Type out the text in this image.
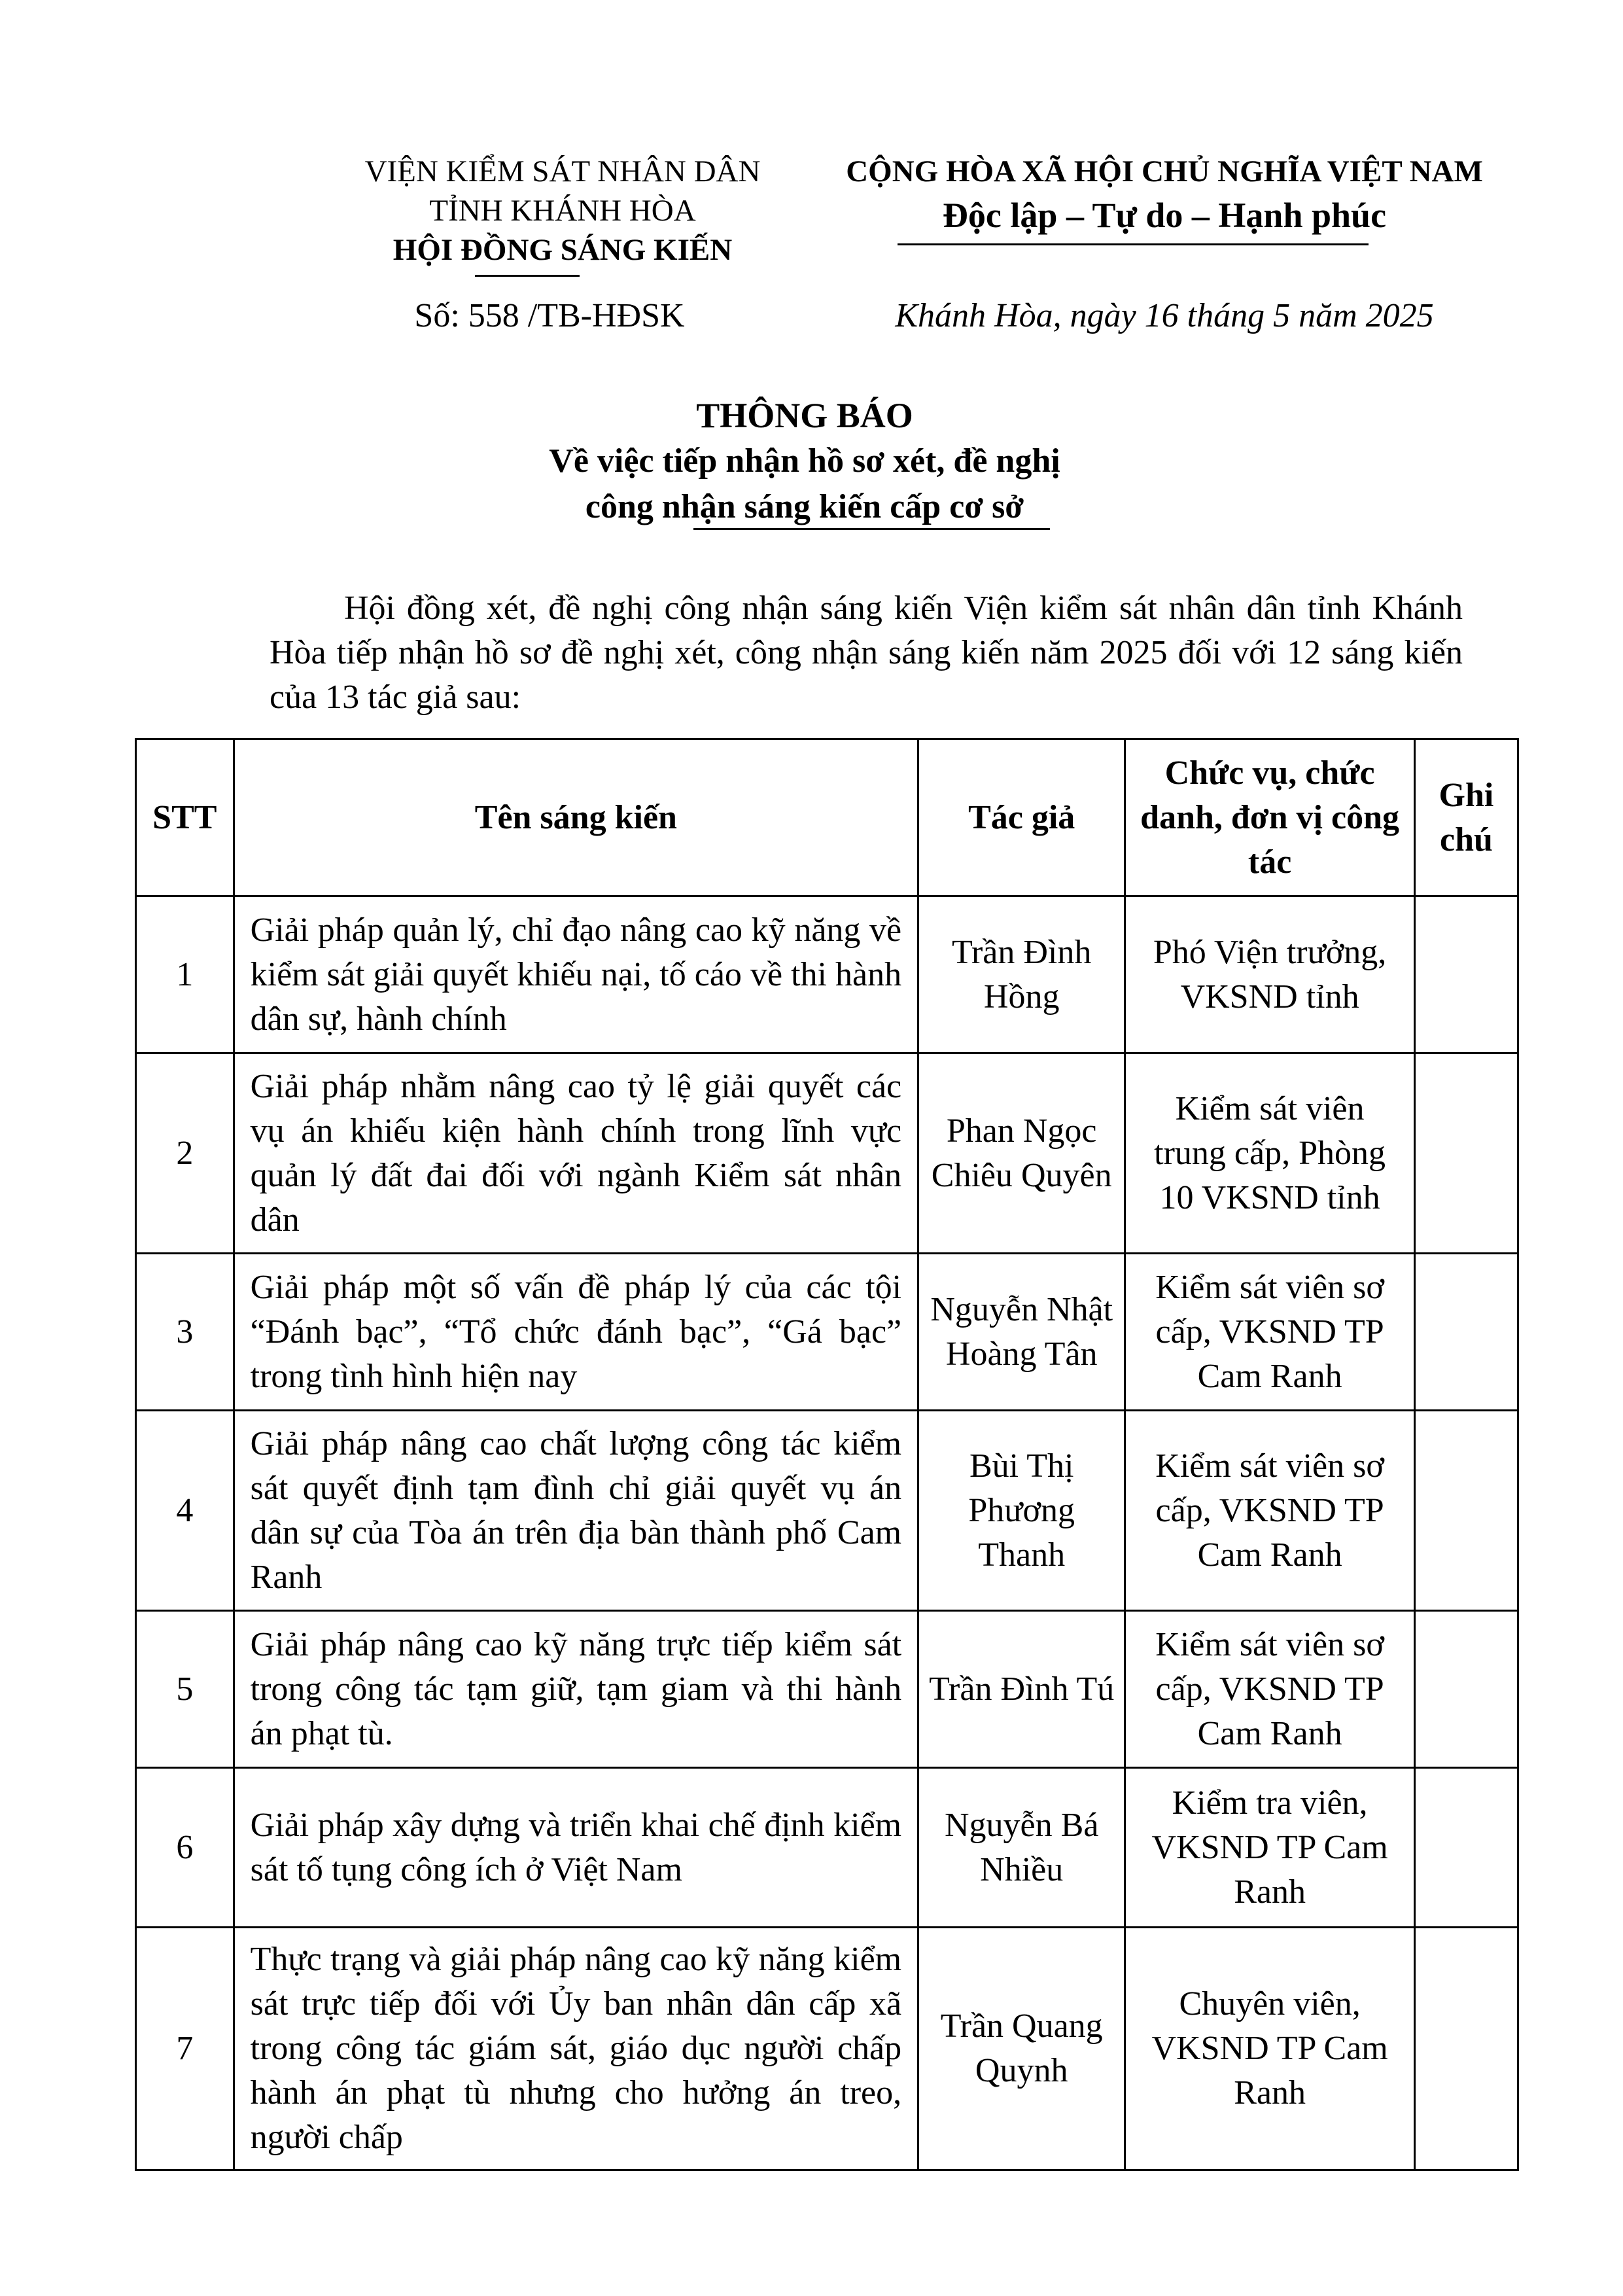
VIỆN KIỂM SÁT NHÂN DÂN
TỈNH KHÁNH HÒA
HỘI ĐỒNG SÁNG KIẾN
CỘNG HÒA XÃ HỘI CHỦ NGHĨA VIỆT NAM
Độc lập – Tự do – Hạnh phúc
Số: 558 /TB-HĐSK	Khánh Hòa, ngày 16 tháng 5 năm 2025
THÔNG BÁO
Về việc tiếp nhận hồ sơ xét, đề nghị
công nhận sáng kiến cấp cơ sở
Hội đồng xét, đề nghị công nhận sáng kiến Viện kiểm sát nhân dân tỉnh Khánh Hòa tiếp nhận hồ sơ đề nghị xét, công nhận sáng kiến năm 2025 đối với 12 sáng kiến của 13 tác giả sau:
STT	Tên sáng kiến	Tác giả	Chức vụ, chức danh, đơn vị công tác	Ghi chú
1	Giải pháp quản lý, chỉ đạo nâng cao kỹ năng về kiểm sát giải quyết khiếu nại, tố cáo về thi hành dân sự, hành chính	Trần Đình Hồng	Phó Viện trưởng, VKSND tỉnh	
2	Giải pháp nhằm nâng cao tỷ lệ giải quyết các vụ án khiếu kiện hành chính trong lĩnh vực quản lý đất đai đối với ngành Kiểm sát nhân dân	Phan Ngọc Chiêu Quyên	Kiểm sát viên trung cấp, Phòng 10 VKSND tỉnh	
3	Giải pháp một số vấn đề pháp lý của các tội “Đánh bạc”, “Tổ chức đánh bạc”, “Gá bạc” trong tình hình hiện nay	Nguyễn Nhật Hoàng Tân	Kiểm sát viên sơ cấp, VKSND TP Cam Ranh	
4	Giải pháp nâng cao chất lượng công tác kiểm sát quyết định tạm đình chỉ giải quyết vụ án dân sự của Tòa án trên địa bàn thành phố Cam Ranh	Bùi Thị Phương Thanh	Kiểm sát viên sơ cấp, VKSND TP Cam Ranh	
5	Giải pháp nâng cao kỹ năng trực tiếp kiểm sát trong công tác tạm giữ, tạm giam và thi hành án phạt tù.	Trần Đình Tú	Kiểm sát viên sơ cấp, VKSND TP Cam Ranh	
6	Giải pháp xây dựng và triển khai chế định kiểm sát tố tụng công ích ở Việt Nam	Nguyễn Bá Nhiều	Kiểm tra viên, VKSND TP Cam Ranh	
7	Thực trạng và giải pháp nâng cao kỹ năng kiểm sát trực tiếp đối với Ủy ban nhân dân cấp xã trong công tác giám sát, giáo dục người chấp hành án phạt tù nhưng cho hưởng án treo, người chấp	Trần Quang Quynh	Chuyên viên, VKSND TP Cam Ranh	
